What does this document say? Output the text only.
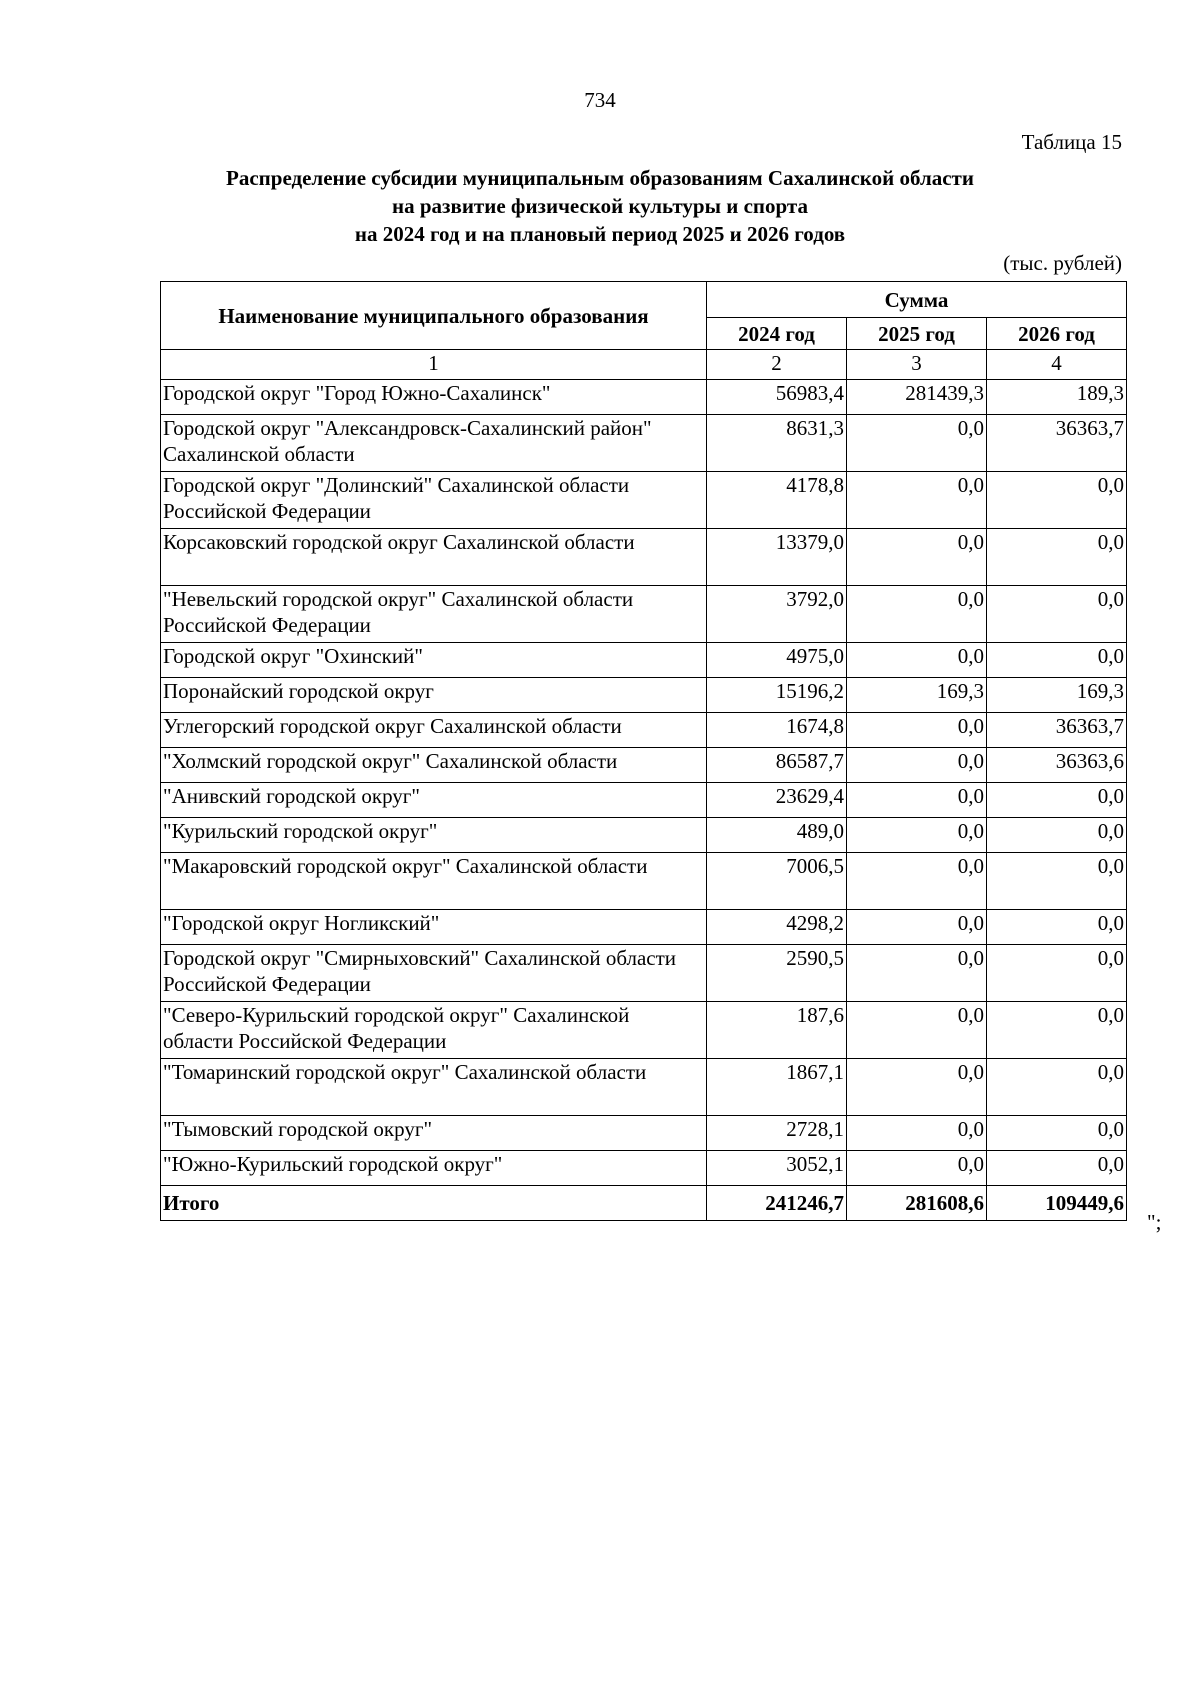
734
Таблица 15
Распределение субсидии муниципальным образованиям Сахалинской области
на развитие физической культуры и спорта
на 2024 год и на плановый период 2025 и 2026 годов
(тыс. рублей)
Наименование муниципального образования	Сумма		
	2024 год	2025 год	2026 год
1	2	3	4
Городской округ "Город Южно-Сахалинск"	56983,4	281439,3	189,3
Городской округ "Александровск-Сахалинский район" Сахалинской области	8631,3	0,0	36363,7
Городской округ "Долинский" Сахалинской области Российской Федерации	4178,8	0,0	0,0
Корсаковский городской округ Сахалинской области	13379,0	0,0	0,0
"Невельский городской округ" Сахалинской области Российской Федерации	3792,0	0,0	0,0
Городской округ "Охинский"	4975,0	0,0	0,0
Поронайский городской округ	15196,2	169,3	169,3
Углегорский городской округ Сахалинской области	1674,8	0,0	36363,7
"Холмский городской округ" Сахалинской области	86587,7	0,0	36363,6
"Анивский городской округ"	23629,4	0,0	0,0
"Курильский городской округ"	489,0	0,0	0,0
"Макаровский городской округ" Сахалинской области	7006,5	0,0	0,0
"Городской округ Ногликский"	4298,2	0,0	0,0
Городской округ "Смирныховский" Сахалинской области Российской Федерации	2590,5	0,0	0,0
"Северо-Курильский городской округ" Сахалинской области Российской Федерации	187,6	0,0	0,0
"Томаринский городской округ" Сахалинской области	1867,1	0,0	0,0
"Тымовский городской округ"	2728,1	0,0	0,0
"Южно-Курильский городской округ"	3052,1	0,0	0,0
Итого	241246,7	281608,6	109449,6
";
